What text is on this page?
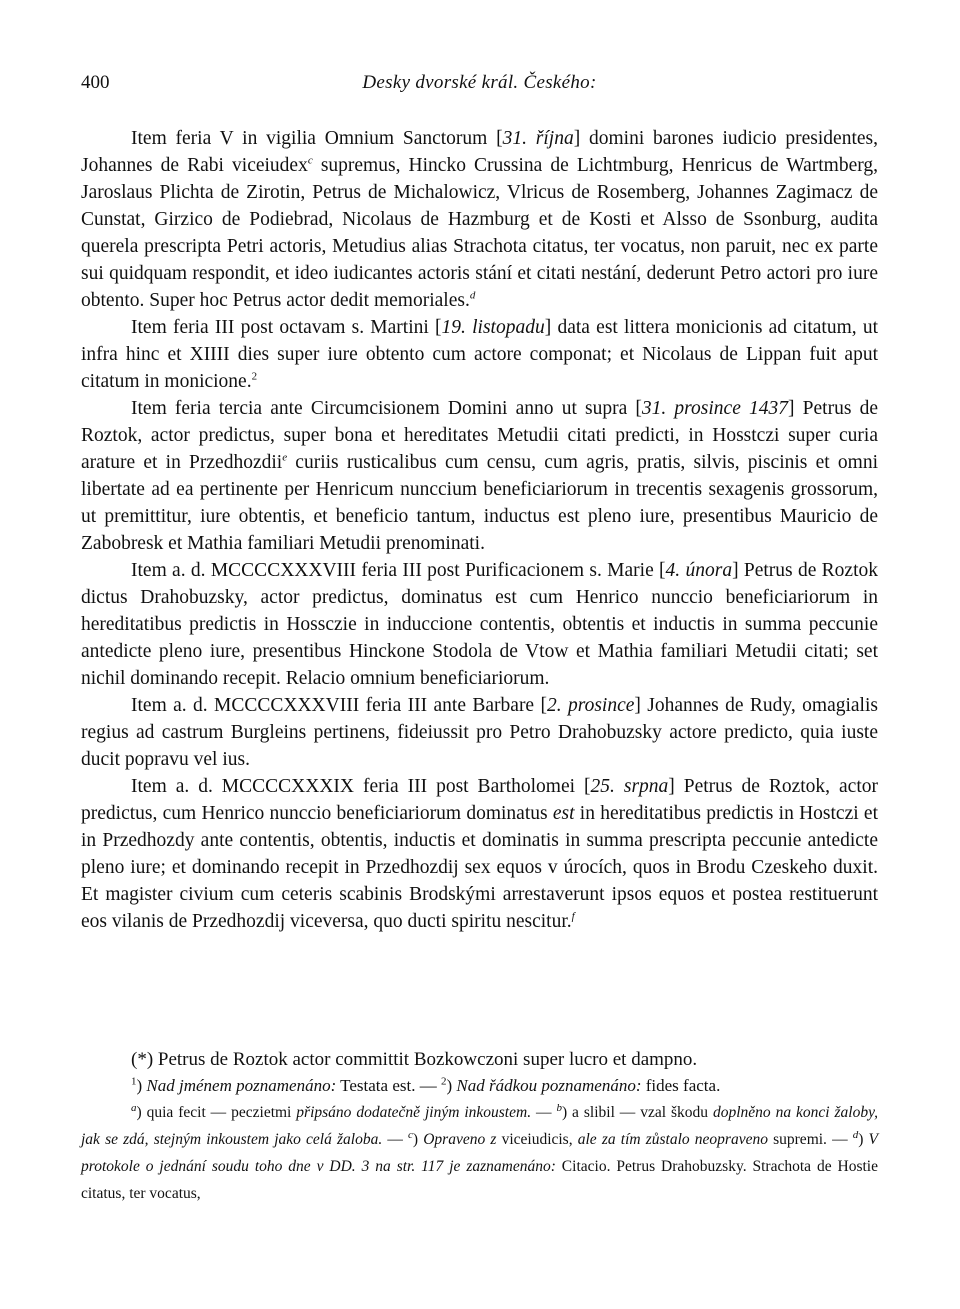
400	Desky dvorské král. Českého:

Item feria V in vigilia Omnium Sanctorum [31. října] domini barones iudicio presidentes, Johannes de Rabi viceiudex$^c$ supremus, Hincko Crussina de Lichtmburg, Henricus de Wartmberg, Jaroslaus Plichta de Zirotin, Petrus de Michalowicz, Vlricus de Rosemberg, Johannes Zagimacz de Cunstat, Girzico de Podiebrad, Nicolaus de Hazmburg et de Kosti et Alsso de Ssonburg, audita querela prescripta Petri actoris, Metudius alias Strachota citatus, ter vocatus, non paruit, nec ex parte sui quidquam respondit, et ideo iudicantes actoris stání et citati nestání, dederunt Petro actori pro iure obtento. Super hoc Petrus actor dedit memoriales.$^d$

Item feria III post octavam s. Martini [19. listopadu] data est littera monicionis ad citatum, ut infra hinc et XIIII dies super iure obtento cum actore componat; et Nicolaus de Lippan fuit aput citatum in monicione.$^2$

Item feria tercia ante Circumcisionem Domini anno ut supra [31. prosince 1437] Petrus de Roztok, actor predictus, super bona et hereditates Metudii citati predicti, in Hosstczi super curia arature et in Przedhozdii$^e$ curiis rusticalibus cum censu, cum agris, pratis, silvis, piscinis et omni libertate ad ea pertinente per Henricum nunccium beneficiariorum in trecentis sexagenis grossorum, ut premittitur, iure obtentis, et beneficio tantum, inductus est pleno iure, presentibus Mauricio de Zabobresk et Mathia familiari Metudii prenominati.

Item a. d. MCCCCXXXVIII feria III post Purificacionem s. Marie [4. února] Petrus de Roztok dictus Drahobuzsky, actor predictus, dominatus est cum Henrico nunccio beneficiariorum in hereditatibus predictis in Hossczie in inducсione contentis, obtentis et inductis in summa peccunie antedicte pleno iure, presentibus Hinckone Stodola de Vtow et Mathia familiari Metudii citati; set nichil dominando recepit. Relacio omnium beneficiariorum.

Item a. d. MCCCCXXXVIII feria III ante Barbare [2. prosince] Johannes de Rudy, omagialis regius ad castrum Burgleins pertinens, fideiussit pro Petro Drahobuzsky actore predicto, quia iuste ducit popravu vel ius.

Item a. d. MCCCCXXXIX feria III post Bartholomei [25. srpna] Petrus de Roztok, actor predictus, cum Henrico nunccio beneficiariorum dominatus est in hereditatibus predictis in Hostczi et in Przedhozdy ante contentis, obtentis, inductis et dominatis in summa prescripta peccunie antedicte pleno iure; et dominando recepit in Przedhozdij sex equos v úrocích, quos in Brodu Czeskeho duxit. Et magister civium cum ceteris scabinis Brodskými arrestaverunt ipsos equos et postea restituerunt eos vilanis de Przedhozdij viceversa, quo ducti spiritu nescitur.$^f$

(*) Petrus de Roztok actor committit Bozkowczoni super lucro et dampno.

$^1$) Nad jménem poznamenáno: Testata est. — $^2$) Nad řádkou poznamenáno: fides facta.

$^a$) quia fecit — peczietmi připsáno dodatečně jiným inkoustem. — $^b$) a slibil — vzal škodu doplněno na konci žaloby, jak se zdá, stejným inkoustem jako celá žaloba. — $^c$) Opraveno z viceiudicis, ale za tím zůstalo neopraveno supremi. — $^d$) V protokole o jednání soudu toho dne v DD. 3 na str. 117 je zaznamenáno: Citacio. Petrus Drahobuzsky. Strachota de Hostie citatus, ter vocatus,
